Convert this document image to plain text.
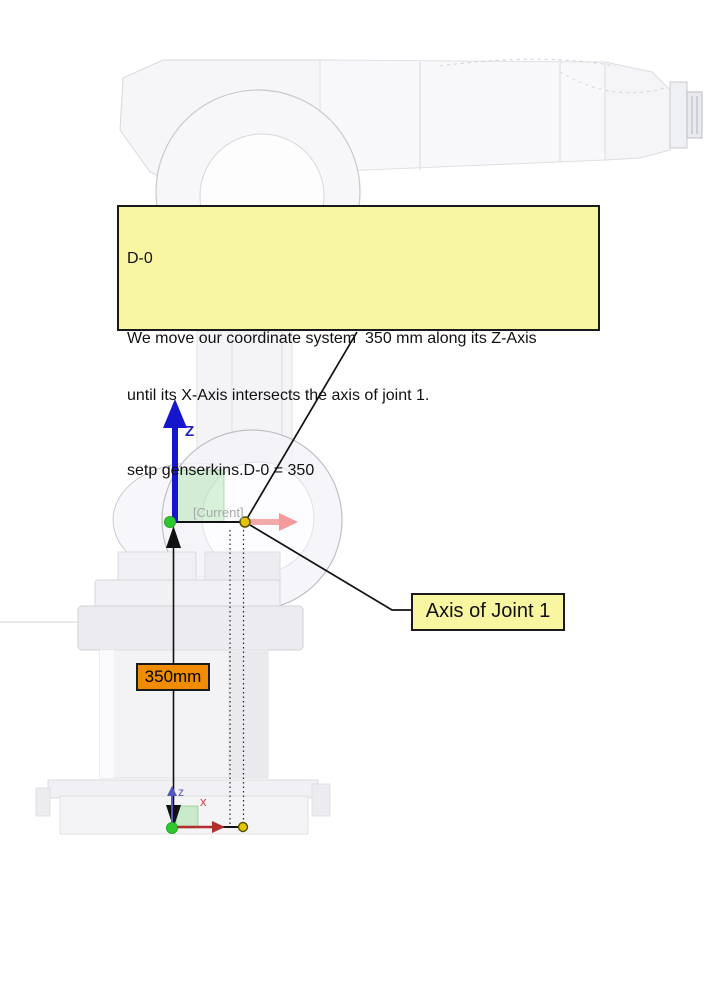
D-0

We move our coordinate system  350 mm along its Z-Axis

until its X-Axis intersects the axis of joint 1.

setp genserkins.D-0 = 350

Axis of Joint 1
350mm
Z
[Current]
z
x
